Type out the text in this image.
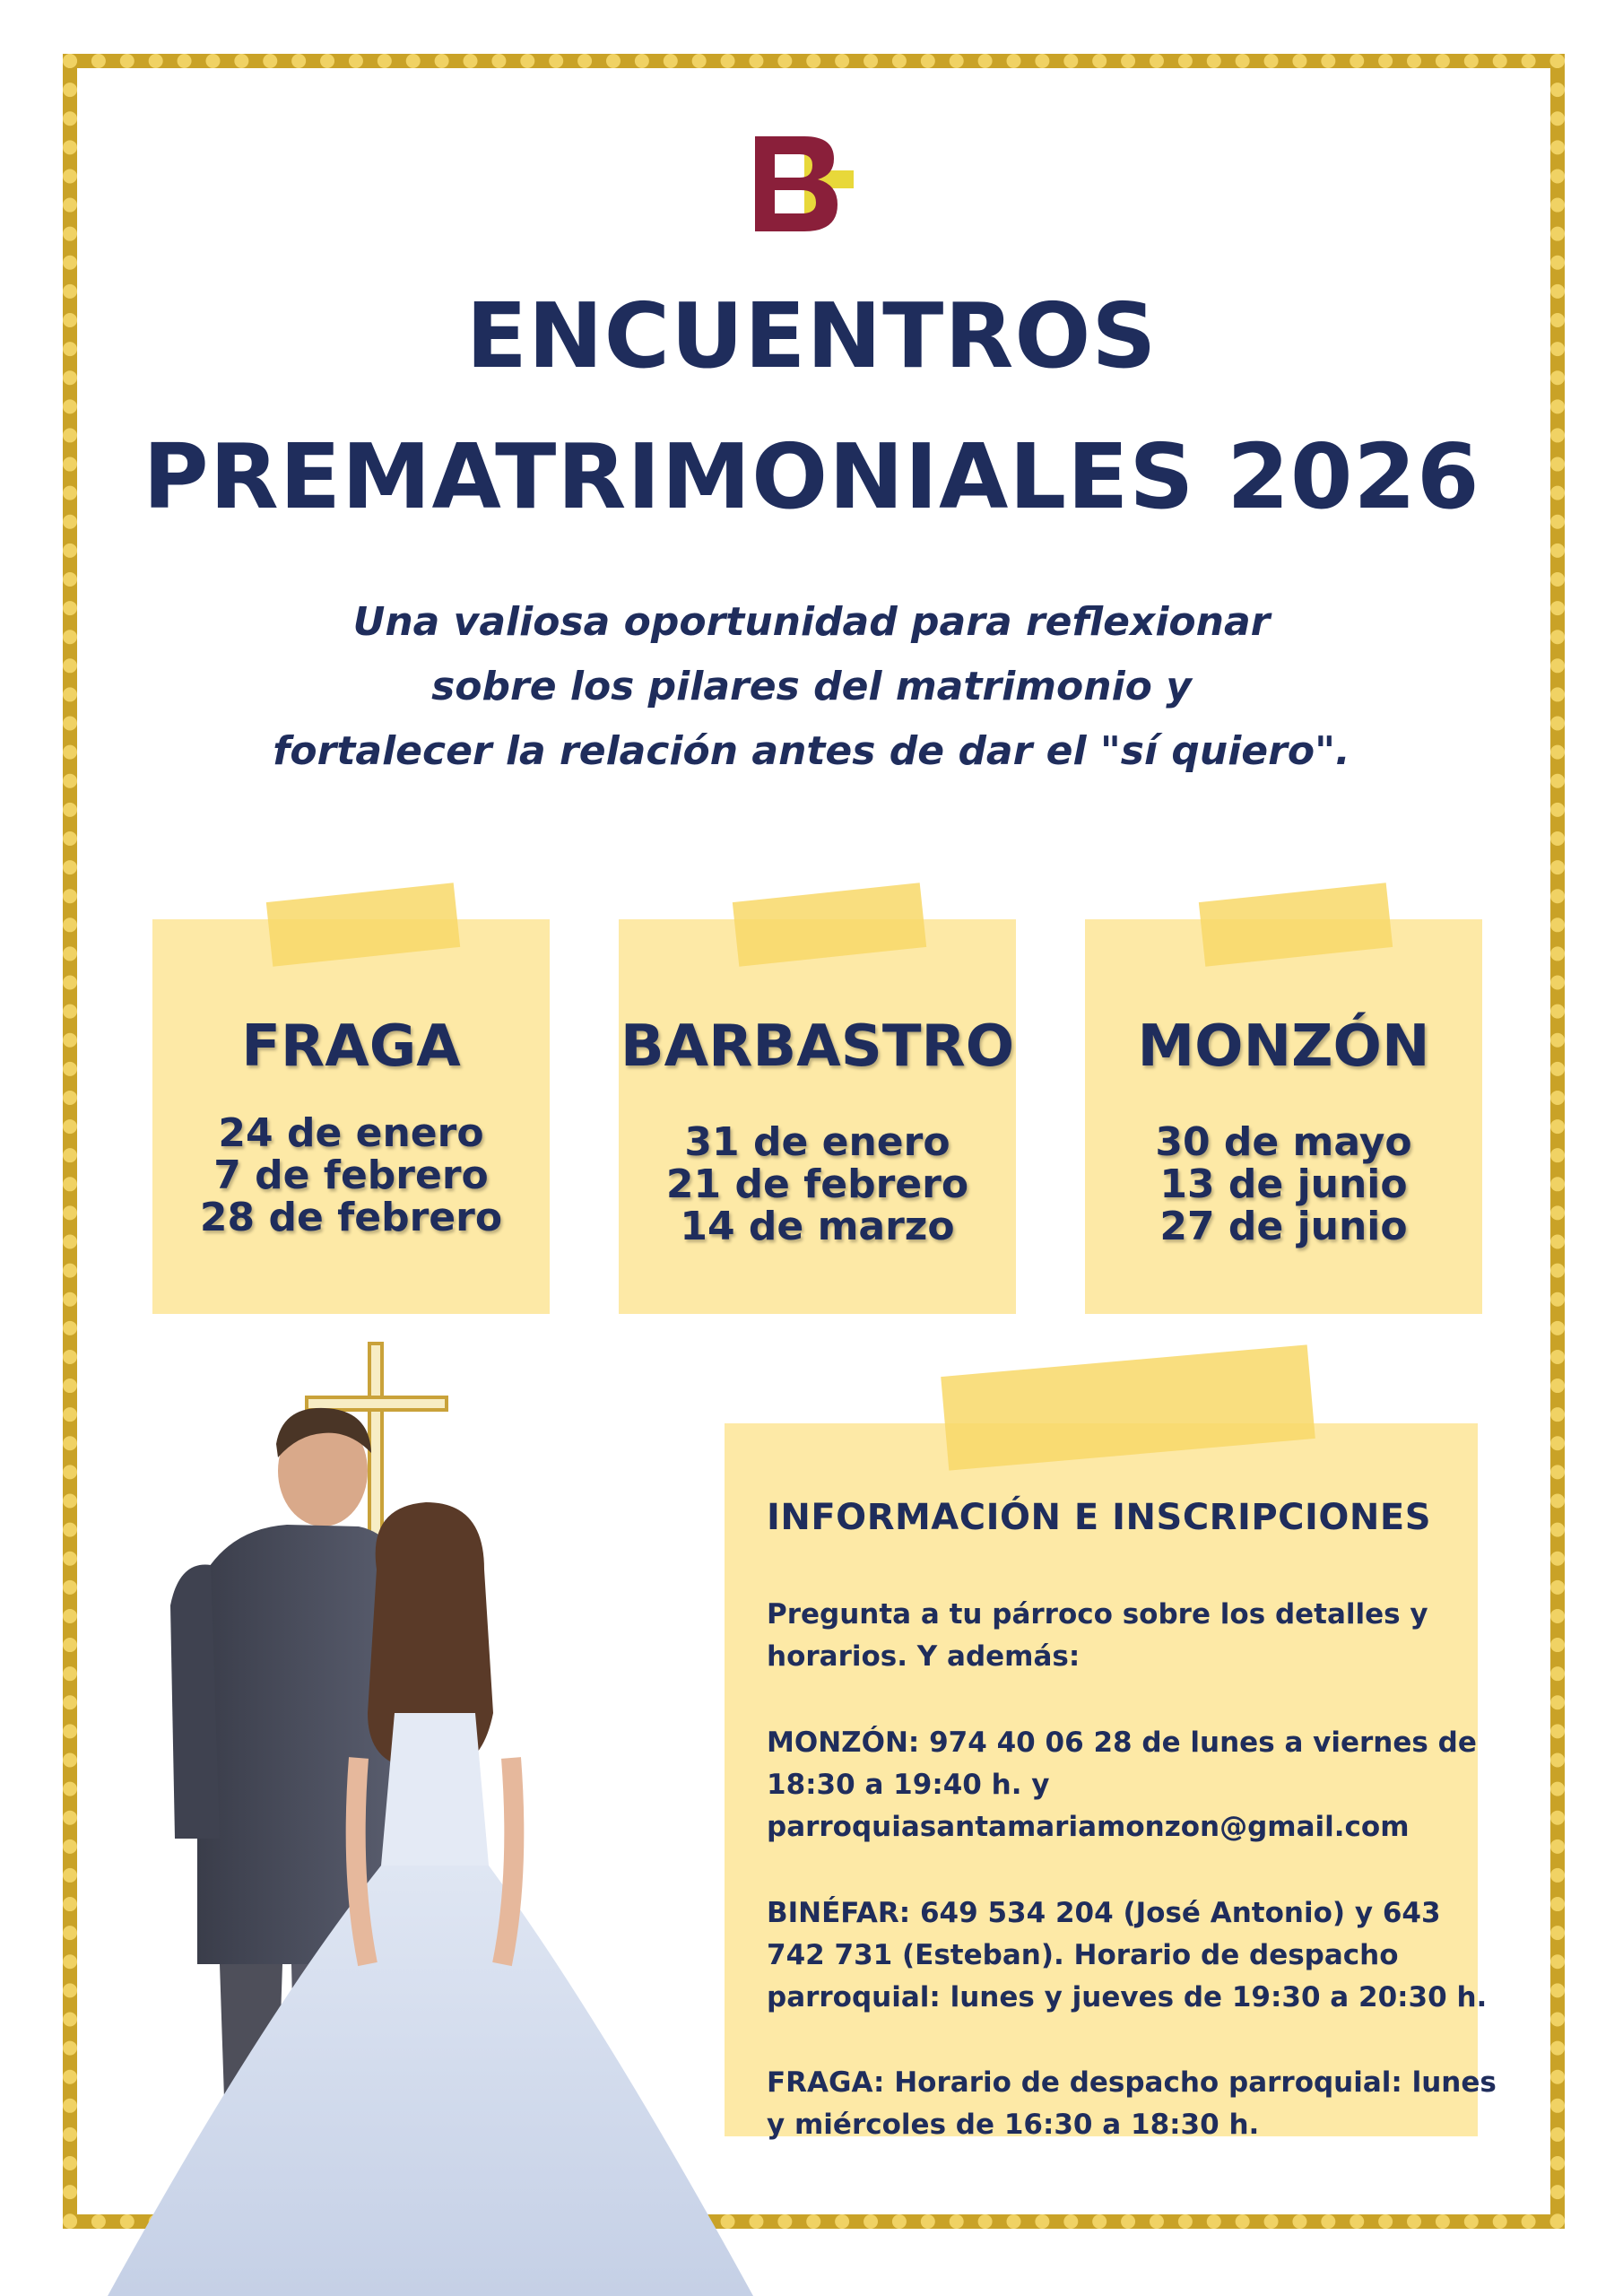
ENCUENTROS
PREMATRIMONIALES 2026
Una valiosa oportunidad para reflexionar
sobre los pilares del matrimonio y
fortalecer la relación antes de dar el "sí quiero".
FRAGA
24 de enero
7 de febrero
28 de febrero
BARBASTRO
31 de enero
21 de febrero
14 de marzo
MONZÓN
30 de mayo
13 de junio
27 de junio
INFORMACIÓN E INSCRIPCIONES
Pregunta a tu párroco sobre los detalles y
horarios. Y además:
MONZÓN: 974 40 06 28 de lunes a viernes de
18:30 a 19:40 h. y
parroquiasantamariamonzon@gmail.com
BINÉFAR: 649 534 204 (José Antonio) y 643
742 731 (Esteban). Horario de despacho
parroquial: lunes y jueves de 19:30 a 20:30 h.
FRAGA: Horario de despacho parroquial: lunes
y miércoles de 16:30 a 18:30 h.
